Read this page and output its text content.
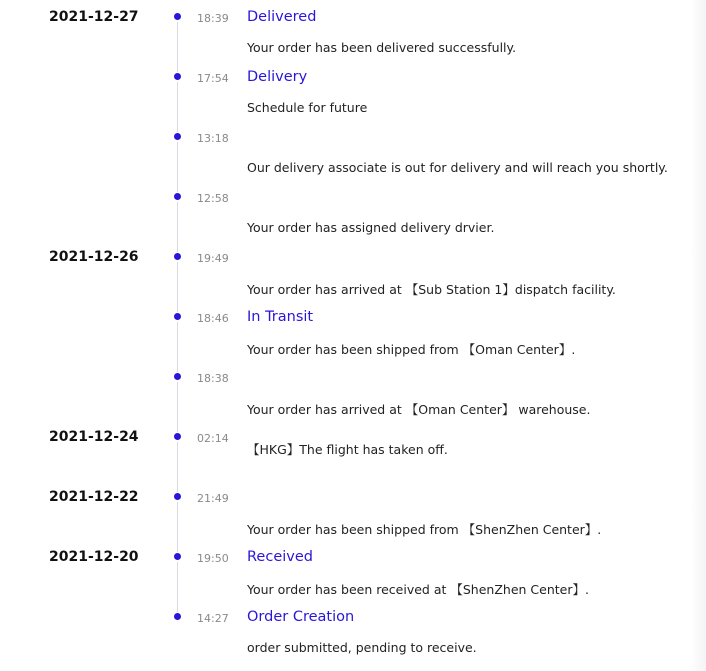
2021-12-27	18:39 Delivered
Your order has been delivered successfully.
17:54 Delivery
Schedule for future
13:18
Our delivery associate is out for delivery and will reach you shortly.
12:58
Your order has assigned delivery drvier.
2021-12-26	19:49
Your order has arrived at 【Sub Station 1】dispatch facility.
18:46 In Transit
Your order has been shipped from 【Oman Center】.
18:38
Your order has arrived at 【Oman Center】 warehouse.
2021-12-24	02:14
【HKG】The flight has taken off.
2021-12-22	21:49
Your order has been shipped from 【ShenZhen Center】.
2021-12-20	19:50 Received
Your order has been received at 【ShenZhen Center】.
14:27 Order Creation
order submitted, pending to receive.
